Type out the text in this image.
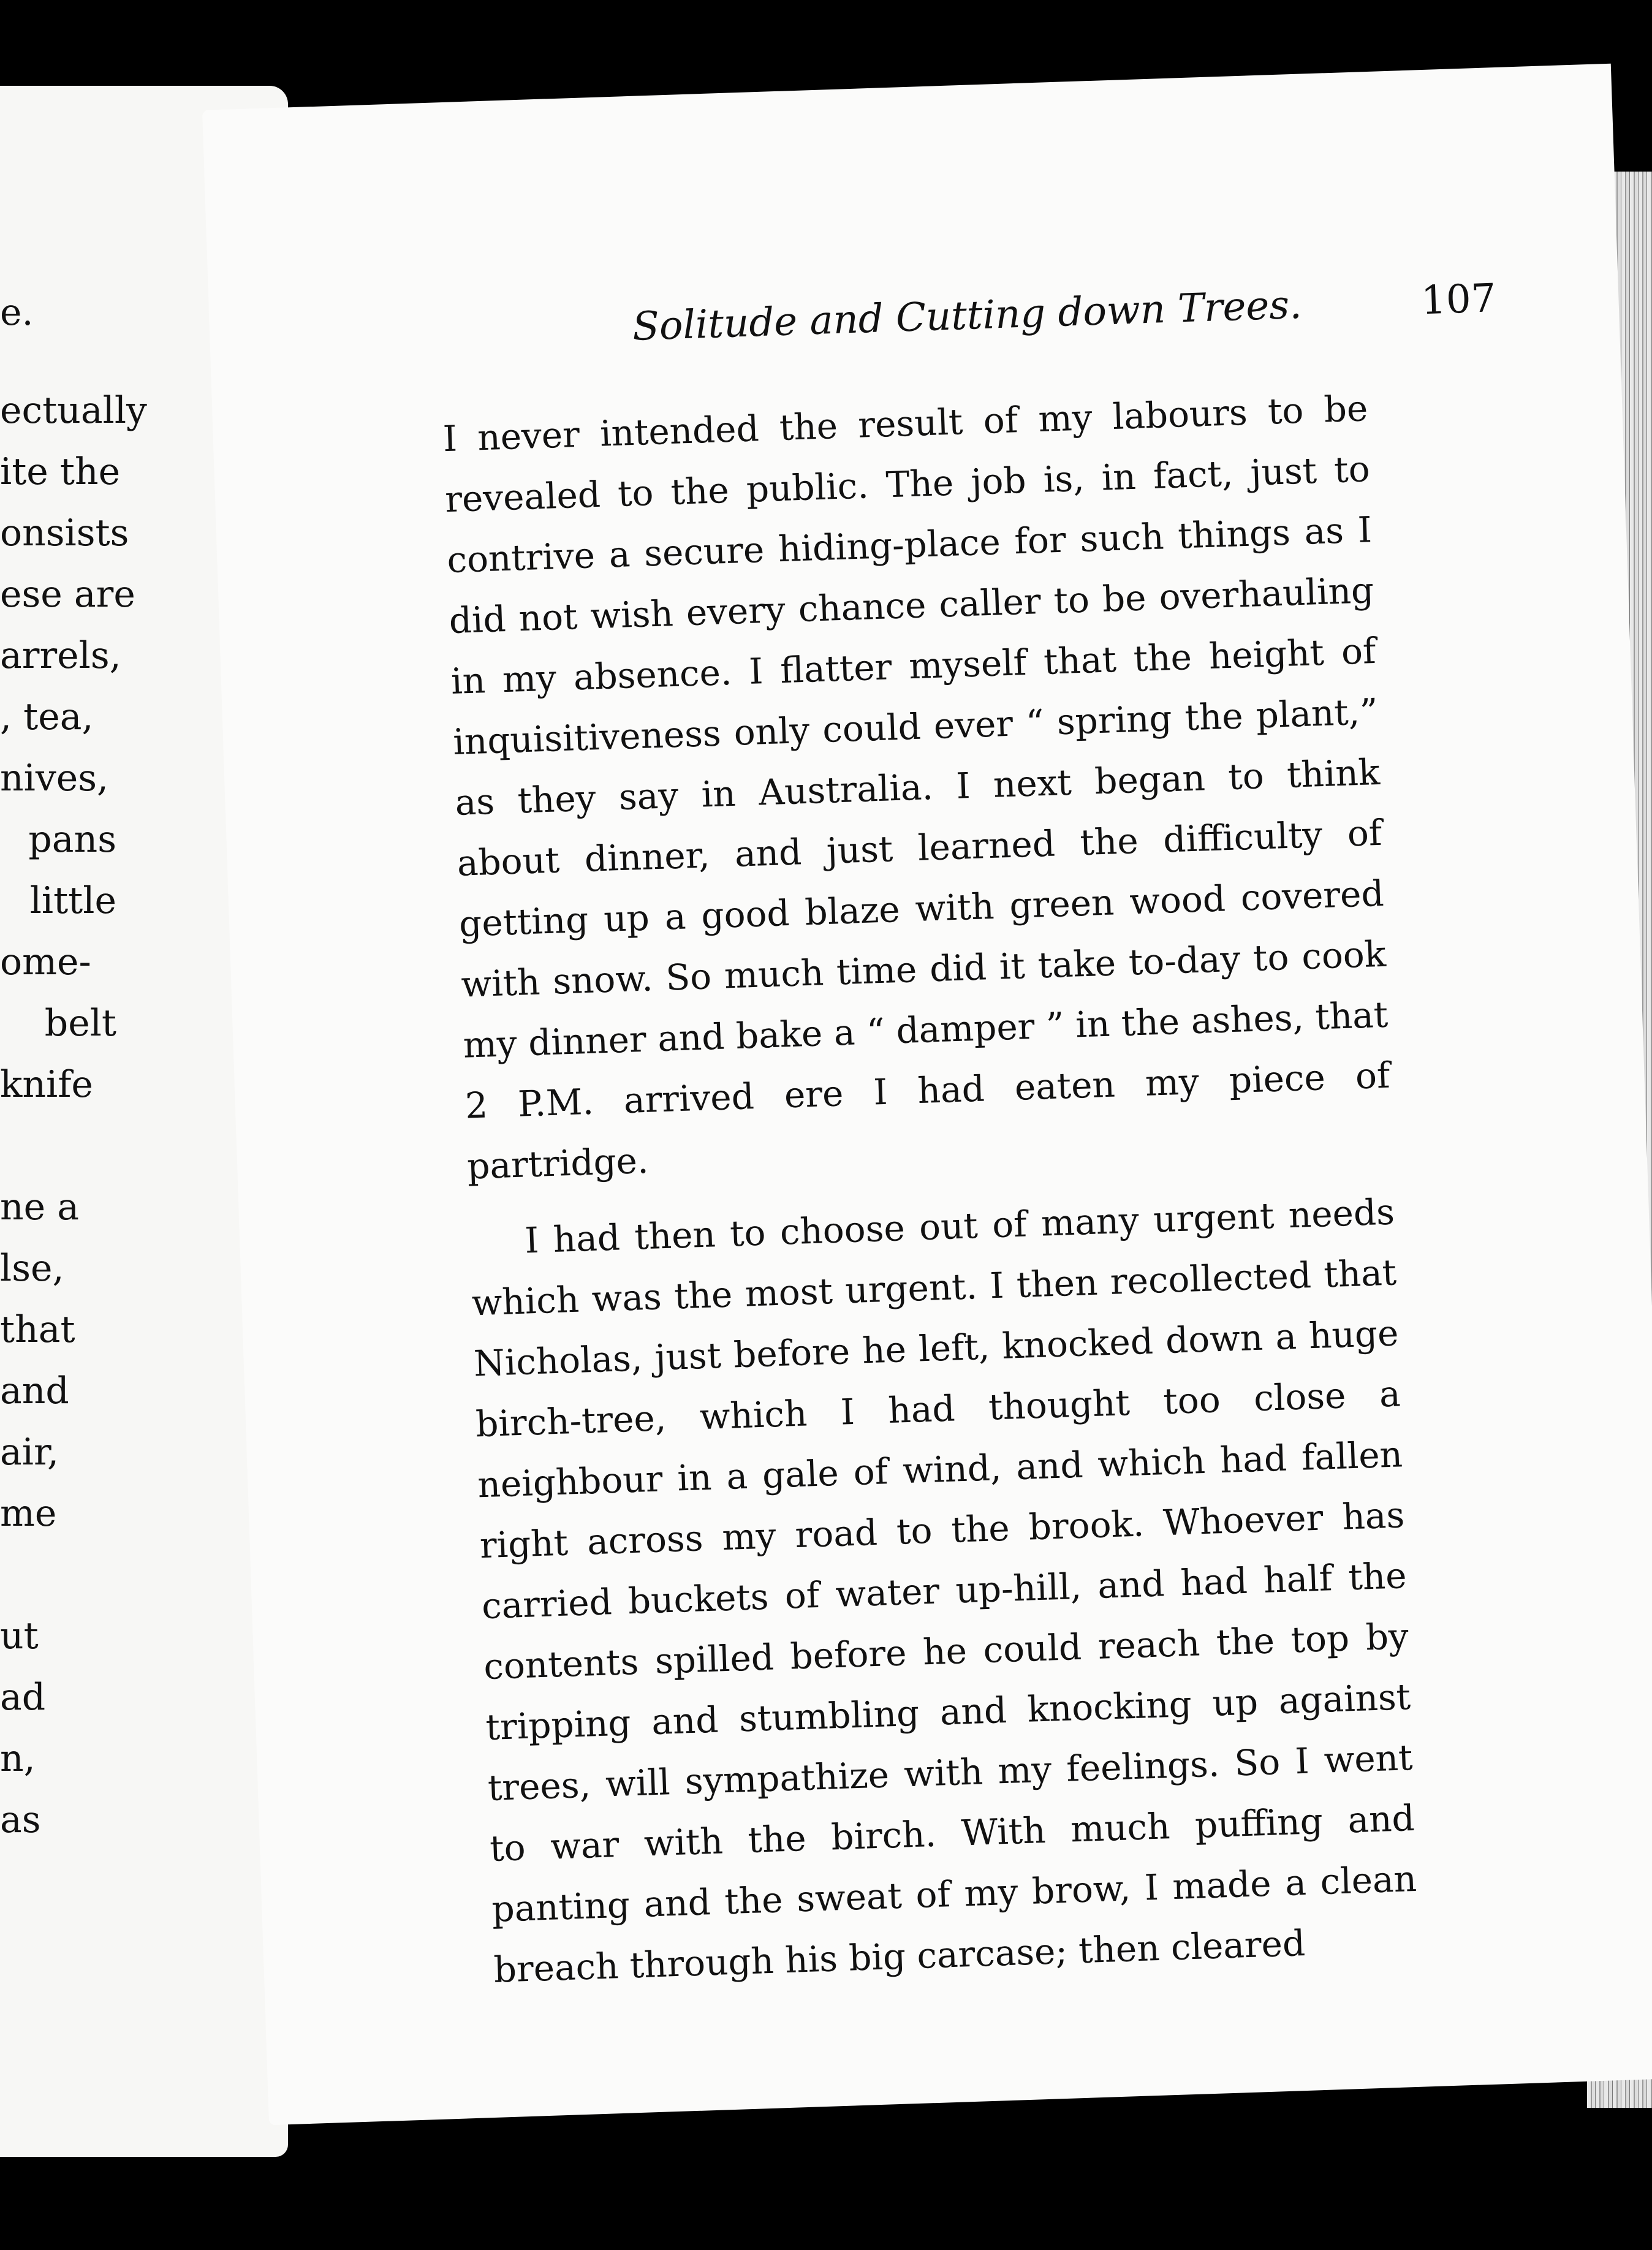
e.
ectually
ite the
onsists
ese are
arrels,
, tea,
nives,
pans
little
ome-
belt
knife
ne a
lse,
that
and
air,
me
ut
ad
n,
as
Solitude and Cutting down Trees.	107

I never intended the result of my labours to be revealed to the public. The job is, in fact, just to contrive a secure hiding-place for such things as I did not wish every chance caller to be overhauling in my absence. I flatter myself that the height of inquisitiveness only could ever “ spring the plant,” as they say in Australia. I next began to think about dinner, and just learned the difficulty of getting up a good blaze with green wood covered with snow. So much time did it take to-day to cook my dinner and bake a “ damper ” in the ashes, that 2 P.M. arrived ere I had eaten my piece of partridge.

I had then to choose out of many urgent needs which was the most urgent. I then recollected that Nicholas, just before he left, knocked down a huge birch-tree, which I had thought too close a neighbour in a gale of wind, and which had fallen right across my road to the brook. Whoever has carried buckets of water up-hill, and had half the contents spilled before he could reach the top by tripping and stumbling and knocking up against trees, will sympathize with my feelings. So I went to war with the birch. With much puffing and panting and the sweat of my brow, I made a clean breach through his big carcase; then cleared
